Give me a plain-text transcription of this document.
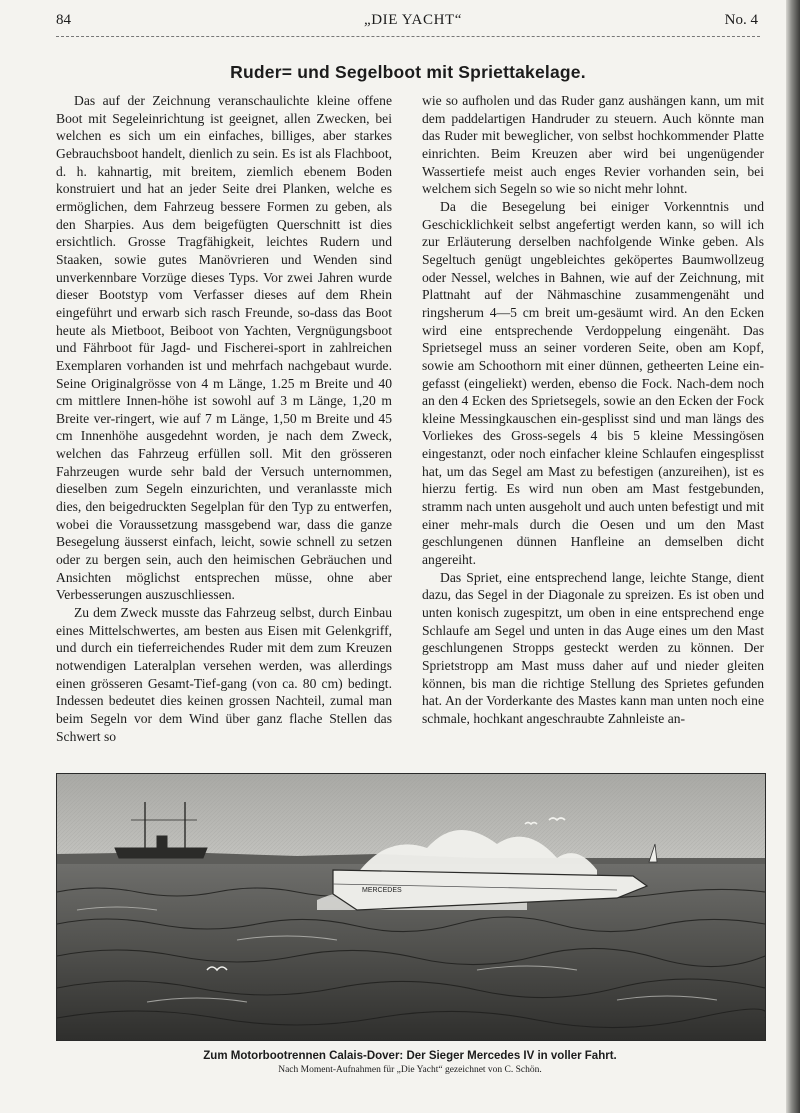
84	„DIE YACHT“	No. 4
Ruder= und Segelboot mit Spriettakelage.

Das auf der Zeichnung veranschaulichte kleine offene Boot mit Segeleinrichtung ist geeignet, allen Zwecken, bei welchen es sich um ein einfaches, billiges, aber starkes Gebrauchsboot handelt, dienlich zu sein. Es ist als Flachboot, d. h. kahnartig, mit breitem, ziemlich ebenem Boden konstruiert und hat an jeder Seite drei Planken, welche es ermöglichen, dem Fahrzeug bessere Formen zu geben, als den Sharpies. Aus dem beigefügten Querschnitt ist dies ersichtlich. Grosse Tragfähigkeit, leichtes Rudern und Staaken, sowie gutes Manövrieren und Wenden sind unverkennbare Vorzüge dieses Typs. Vor zwei Jahren wurde dieser Bootstyp vom Verfasser dieses auf dem Rhein eingeführt und erwarb sich rasch Freunde, so-dass das Boot heute als Mietboot, Beiboot von Yachten, Vergnügungsboot und Fährboot für Jagd- und Fischerei-sport in zahlreichen Exemplaren vorhanden ist und mehrfach nachgebaut wurde. Seine Originalgrösse von 4 m Länge, 1.25 m Breite und 40 cm mittlere Innen-höhe ist sowohl auf 3 m Länge, 1,20 m Breite ver-ringert, wie auf 7 m Länge, 1,50 m Breite und 45 cm Innenhöhe ausgedehnt worden, je nach dem Zweck, welchen das Fahrzeug erfüllen soll. Mit den grösseren Fahrzeugen wurde sehr bald der Versuch unternommen, dieselben zum Segeln einzurichten, und veranlasste mich dies, den beigedruckten Segelplan für den Typ zu entwerfen, wobei die Voraussetzung massgebend war, dass die ganze Besegelung äusserst einfach, leicht, sowie schnell zu setzen oder zu bergen sein, auch den heimischen Gebräuchen und Ansichten möglichst entsprechen müsse, ohne aber Verbesserungen auszuschliessen.

Zu dem Zweck musste das Fahrzeug selbst, durch Einbau eines Mittelschwertes, am besten aus Eisen mit Gelenkgriff, und durch ein tieferreichendes Ruder mit dem zum Kreuzen notwendigen Lateralplan versehen werden, was allerdings einen grösseren Gesamt-Tief-gang (von ca. 80 cm) bedingt. Indessen bedeutet dies keinen grossen Nachteil, zumal man beim Segeln vor dem Wind über ganz flache Stellen das Schwert so

wie so aufholen und das Ruder ganz aushängen kann, um mit dem paddelartigen Handruder zu steuern. Auch könnte man das Ruder mit beweglicher, von selbst hochkommender Platte einrichten. Beim Kreuzen aber wird bei ungenügender Wassertiefe meist auch enges Revier vorhanden sein, bei welchem sich Segeln so wie so nicht mehr lohnt.

Da die Besegelung bei einiger Vorkenntnis und Geschicklichkeit selbst angefertigt werden kann, so will ich zur Erläuterung derselben nachfolgende Winke geben. Als Segeltuch genügt ungebleichtes geköpertes Baumwollzeug oder Nessel, welches in Bahnen, wie auf der Zeichnung, mit Plattnaht auf der Nähmaschine zusammengenäht und ringsherum 4—5 cm breit um-gesäumt wird. An den Ecken wird eine entsprechende Verdoppelung eingenäht. Das Sprietsegel muss an seiner vorderen Seite, oben am Kopf, sowie am Schoothorn mit einer dünnen, getheerten Leine ein-gefasst (eingeliekt) werden, ebenso die Fock. Nach-dem noch an den 4 Ecken des Sprietsegels, sowie an den Ecken der Fock kleine Messingkauschen ein-gesplisst sind und man längs des Vorliekes des Gross-segels 4 bis 5 kleine Messingösen eingestanzt, oder noch einfacher kleine Schlaufen eingesplisst hat, um das Segel am Mast zu befestigen (anzureihen), ist es hierzu fertig. Es wird nun oben am Mast festgebunden, stramm nach unten ausgeholt und auch unten befestigt und mit einer mehr-mals durch die Oesen und um den Mast geschlungenen dünnen Hanfleine an demselben dicht angereiht.

Das Spriet, eine entsprechend lange, leichte Stange, dient dazu, das Segel in der Diagonale zu spreizen. Es ist oben und unten konisch zugespitzt, um oben in eine entsprechend enge Schlaufe am Segel und unten in das Auge eines um den Mast geschlungenen Stropps gesteckt werden zu können. Der Sprietstropp am Mast muss daher auf und nieder gleiten können, bis man die richtige Stellung des Sprietes gefunden hat. An der Vorderkante des Mastes kann man unten noch eine schmale, hochkant angeschraubte Zahnleiste an-

MERCEDES
Zum Motorbootrennen Calais-Dover: Der Sieger Mercedes IV in voller Fahrt.
Nach Moment-Aufnahmen für „Die Yacht“ gezeichnet von C. Schön.
